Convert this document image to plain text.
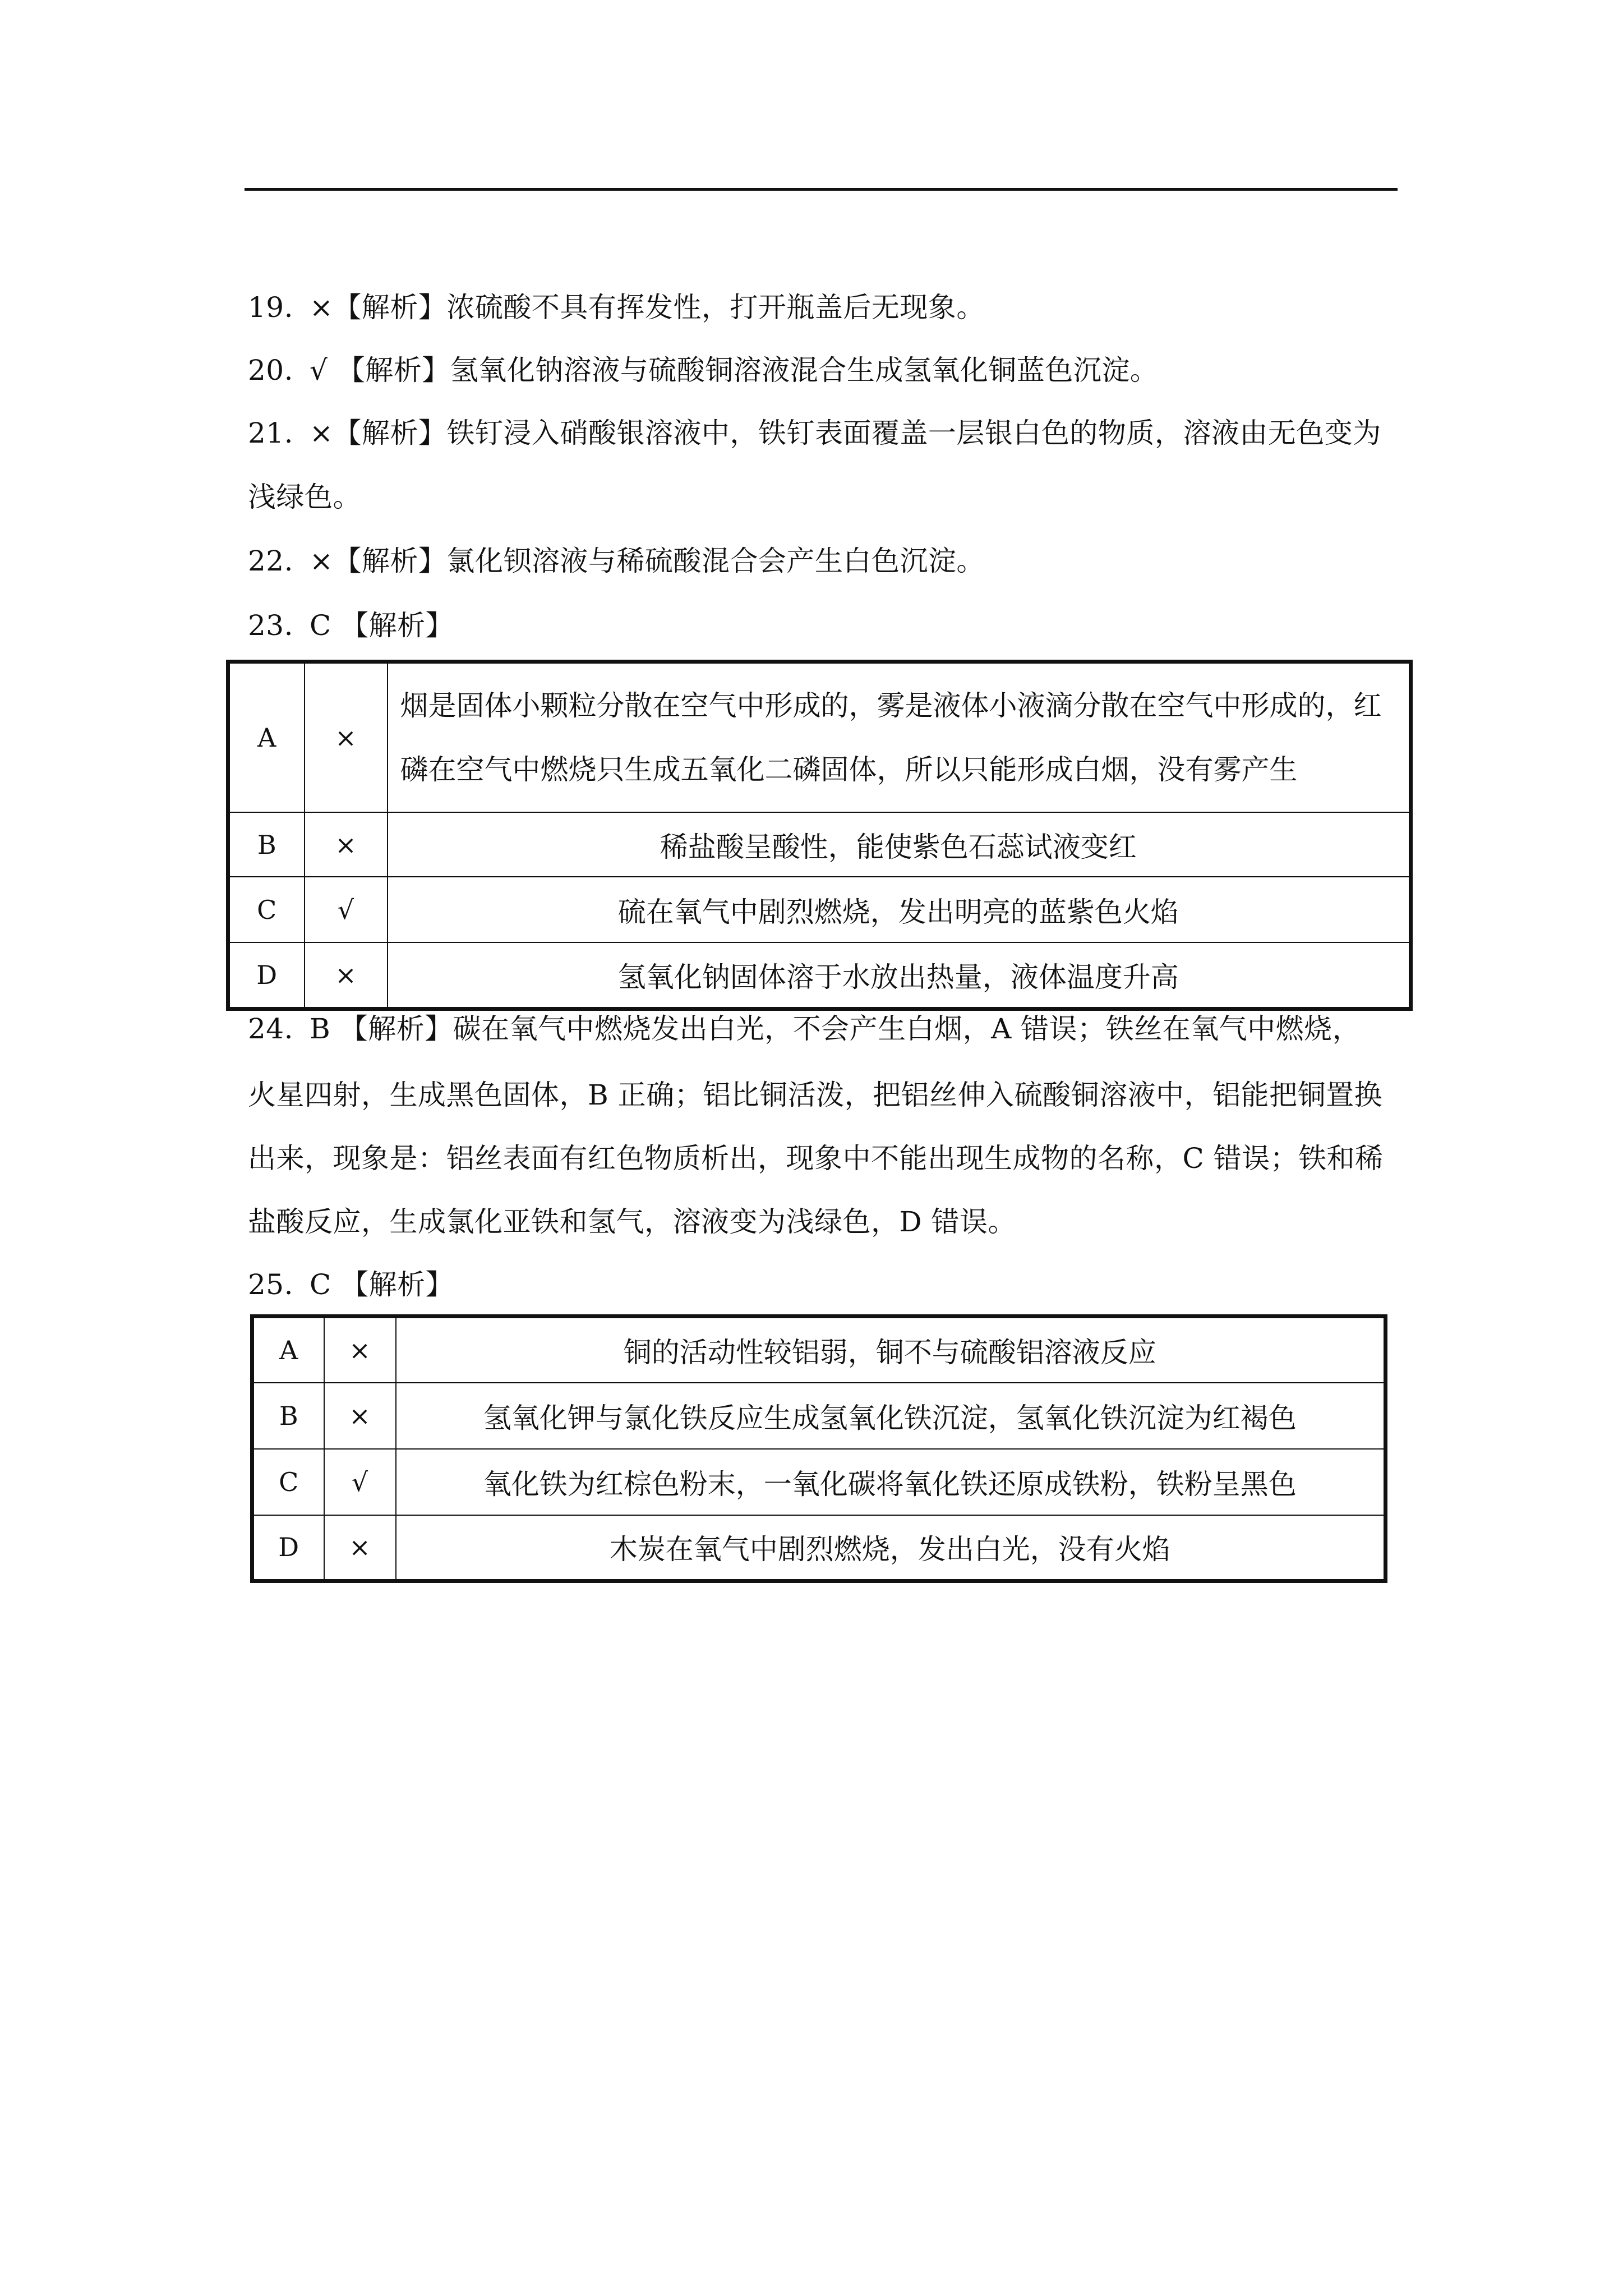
19. ×【解析】浓硫酸不具有挥发性，打开瓶盖后无现象。
20. √ 【解析】氢氧化钠溶液与硫酸铜溶液混合生成氢氧化铜蓝色沉淀。
21. ×【解析】铁钉浸入硝酸银溶液中，铁钉表面覆盖一层银白色的物质，溶液由无色变为
浅绿色。
22. ×【解析】氯化钡溶液与稀硫酸混合会产生白色沉淀。
23. C 【解析】
A	×	烟是固体小颗粒分散在空气中形成的，雾是液体小液滴分散在空气中形成的，红
磷在空气中燃烧只生成五氧化二磷固体，所以只能形成白烟，没有雾产生

B	×	稀盐酸呈酸性，能使紫色石蕊试液变红
C	√	硫在氧气中剧烈燃烧，发出明亮的蓝紫色火焰
D	×	氢氧化钠固体溶于水放出热量，液体温度升高
24. B 【解析】碳在氧气中燃烧发出白光，不会产生白烟，A 错误；铁丝在氧气中燃烧，
火星四射，生成黑色固体，B 正确；铝比铜活泼，把铝丝伸入硫酸铜溶液中，铝能把铜置换
出来，现象是：铝丝表面有红色物质析出，现象中不能出现生成物的名称，C 错误；铁和稀
盐酸反应，生成氯化亚铁和氢气，溶液变为浅绿色，D 错误。
25. C 【解析】
A	×	铜的活动性较铝弱，铜不与硫酸铝溶液反应
B	×	氢氧化钾与氯化铁反应生成氢氧化铁沉淀，氢氧化铁沉淀为红褐色
C	√	氧化铁为红棕色粉末，一氧化碳将氧化铁还原成铁粉，铁粉呈黑色
D	×	木炭在氧气中剧烈燃烧，发出白光，没有火焰
